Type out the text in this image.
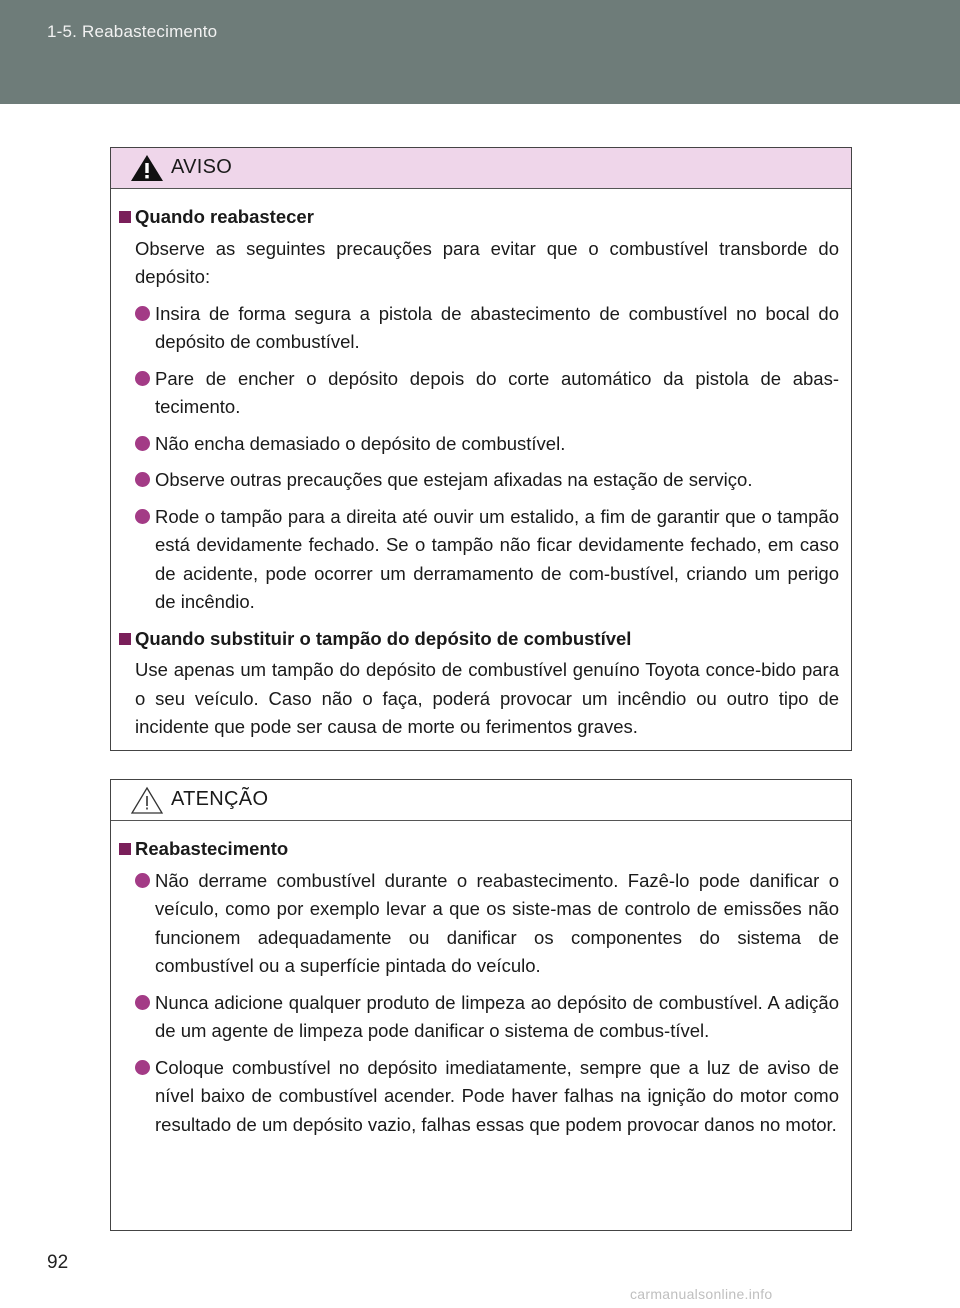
1-5. Reabastecimento
AVISO
Quando reabastecer
Observe as seguintes precauções para evitar que o combustível transborde do depósito:
Insira de forma segura a pistola de abastecimento de combustível no bocal do depósito de combustível.
Pare de encher o depósito depois do corte automático da pistola de abas-tecimento.
Não encha demasiado o depósito de combustível.
Observe outras precauções que estejam afixadas na estação de serviço.
Rode o tampão para a direita até ouvir um estalido, a fim de garantir que o tampão está devidamente fechado. Se o tampão não ficar devidamente fechado, em caso de acidente, pode ocorrer um derramamento de com-bustível, criando um perigo de incêndio.
Quando substituir o tampão do depósito de combustível
Use apenas um tampão do depósito de combustível genuíno Toyota conce-bido para o seu veículo. Caso não o faça, poderá provocar um incêndio ou outro tipo de incidente que pode ser causa de morte ou ferimentos graves.
ATENÇÃO
Reabastecimento
Não derrame combustível durante o reabastecimento. Fazê-lo pode danificar o veículo, como por exemplo levar a que os siste-mas de controlo de emissões não funcionem adequadamente ou danificar os componentes do sistema de combustível ou a superfície pintada do veículo.
Nunca adicione qualquer produto de limpeza ao depósito de combustível. A adição de um agente de limpeza pode danificar o sistema de combus-tível.
Coloque combustível no depósito imediatamente, sempre que a luz de aviso de nível baixo de combustível acender. Pode haver falhas na ignição do motor como resultado de um depósito vazio, falhas essas que podem provocar danos no motor.
92
carmanualsonline.info
